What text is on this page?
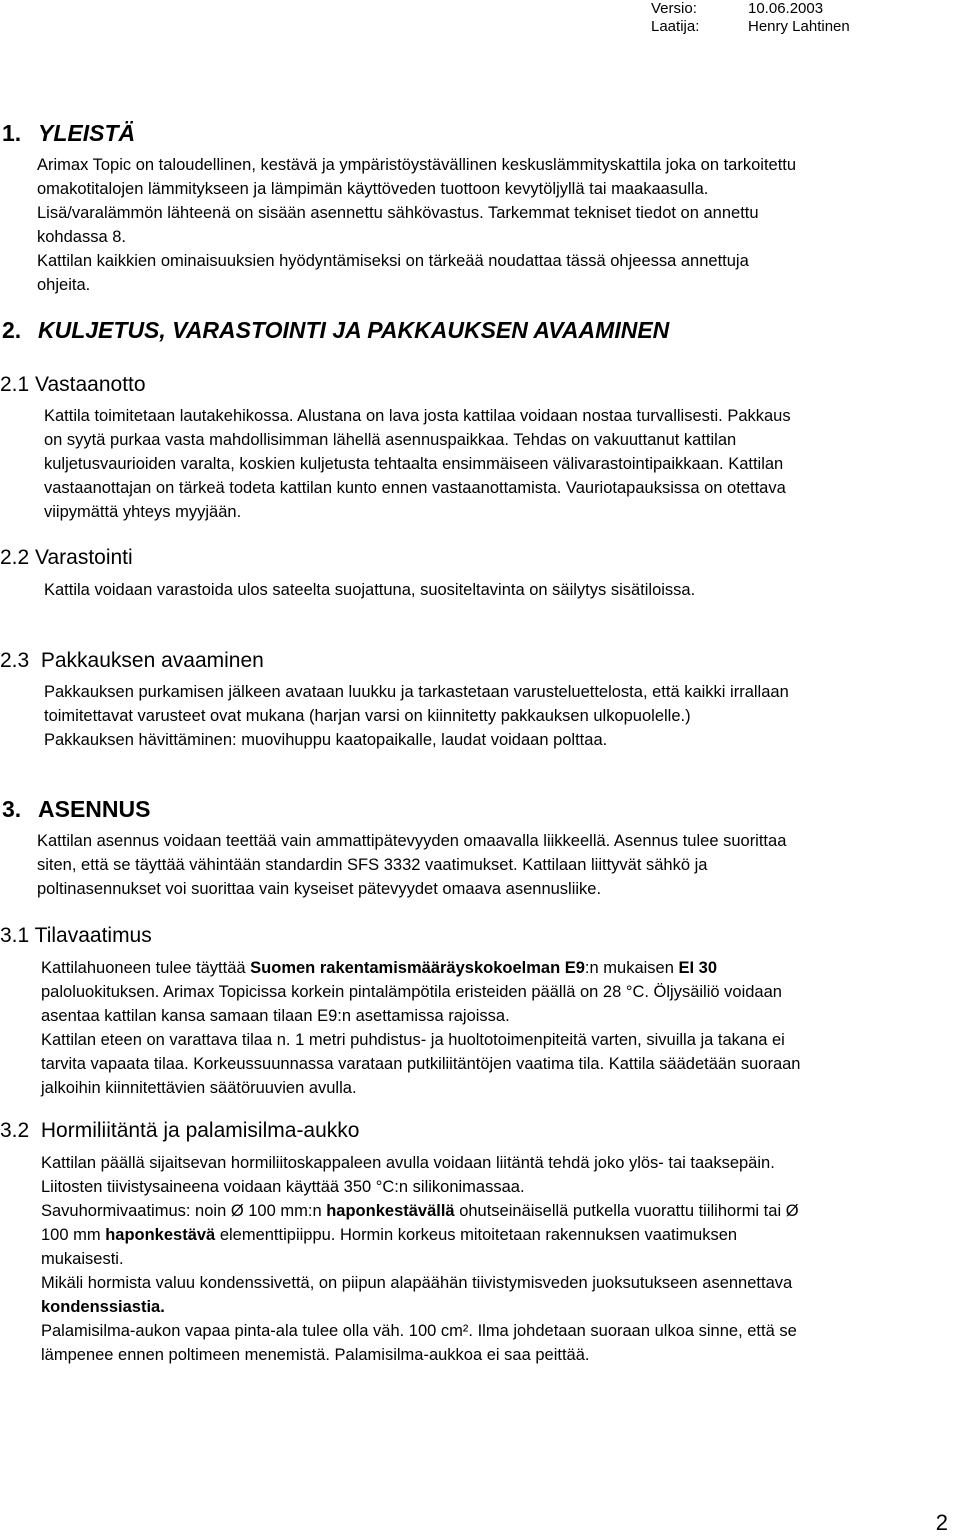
Versio:	10.06.2003
Laatija:	Henry Lahtinen
1. YLEISTÄ
Arimax Topic on taloudellinen, kestävä ja ympäristöystävällinen keskuslämmityskattila joka on tarkoitettu
omakotitalojen lämmitykseen ja lämpimän käyttöveden tuottoon kevytöljyllä tai maakaasulla.
Lisä/varalämmön lähteenä on sisään asennettu sähkövastus. Tarkemmat tekniset tiedot on annettu
kohdassa 8.
Kattilan kaikkien ominaisuuksien hyödyntämiseksi on tärkeää noudattaa tässä ohjeessa annettuja
ohjeita.
2. KULJETUS, VARASTOINTI JA PAKKAUKSEN AVAAMINEN
2.1 Vastaanotto
Kattila toimitetaan lautakehikossa. Alustana on lava josta kattilaa voidaan nostaa turvallisesti. Pakkaus
on syytä purkaa vasta mahdollisimman lähellä asennuspaikkaa. Tehdas on vakuuttanut kattilan
kuljetusvaurioiden varalta, koskien kuljetusta tehtaalta ensimmäiseen välivarastointipaikkaan. Kattilan
vastaanottajan on tärkeä todeta kattilan kunto ennen vastaanottamista. Vauriotapauksissa on otettava
viipymättä yhteys myyjään.
2.2 Varastointi
Kattila voidaan varastoida ulos sateelta suojattuna, suositeltavinta on säilytys sisätiloissa.
2.3  Pakkauksen avaaminen
Pakkauksen purkamisen jälkeen avataan luukku ja tarkastetaan varusteluettelosta, että kaikki irrallaan
toimitettavat varusteet ovat mukana (harjan varsi on kiinnitetty pakkauksen ulkopuolelle.)
Pakkauksen hävittäminen: muovihuppu kaatopaikalle, laudat voidaan polttaa.
3. ASENNUS
Kattilan asennus voidaan teettää vain ammattipätevyyden omaavalla liikkeellä. Asennus tulee suorittaa
siten, että se täyttää vähintään standardin SFS 3332 vaatimukset. Kattilaan liittyvät sähkö ja
poltinasennukset voi suorittaa vain kyseiset pätevyydet omaava asennusliike.
3.1 Tilavaatimus
Kattilahuoneen tulee täyttää Suomen rakentamismääräyskokoelman E9:n mukaisen EI 30
paloluokituksen. Arimax Topicissa korkein pintalämpötila eristeiden päällä on 28 °C. Öljysäiliö voidaan
asentaa kattilan kansa samaan tilaan E9:n asettamissa rajoissa.
Kattilan eteen on varattava tilaa n. 1 metri puhdistus- ja huoltotoimenpiteitä varten, sivuilla ja takana ei
tarvita vapaata tilaa. Korkeussuunnassa varataan putkiliitäntöjen vaatima tila. Kattila säädetään suoraan
jalkoihin kiinnitettävien säätöruuvien avulla.
3.2  Hormiliitäntä ja palamisilma-aukko
Kattilan päällä sijaitsevan hormiliitoskappaleen avulla voidaan liitäntä tehdä joko ylös- tai taaksepäin.
Liitosten tiivistysaineena voidaan käyttää 350 °C:n silikonimassaa.
Savuhormivaatimus: noin Ø 100 mm:n haponkestävällä ohutseinäisellä putkella vuorattu tiilihormi tai Ø
100 mm haponkestävä elementtipiippu. Hormin korkeus mitoitetaan rakennuksen vaatimuksen
mukaisesti.
Mikäli hormista valuu kondenssivettä, on piipun alapäähän tiivistymisveden juoksutukseen asennettava
kondenssiastia.
Palamisilma-aukon vapaa pinta-ala tulee olla väh. 100 cm². Ilma johdetaan suoraan ulkoa sinne, että se
lämpenee ennen poltimeen menemistä. Palamisilma-aukkoa ei saa peittää.
2
